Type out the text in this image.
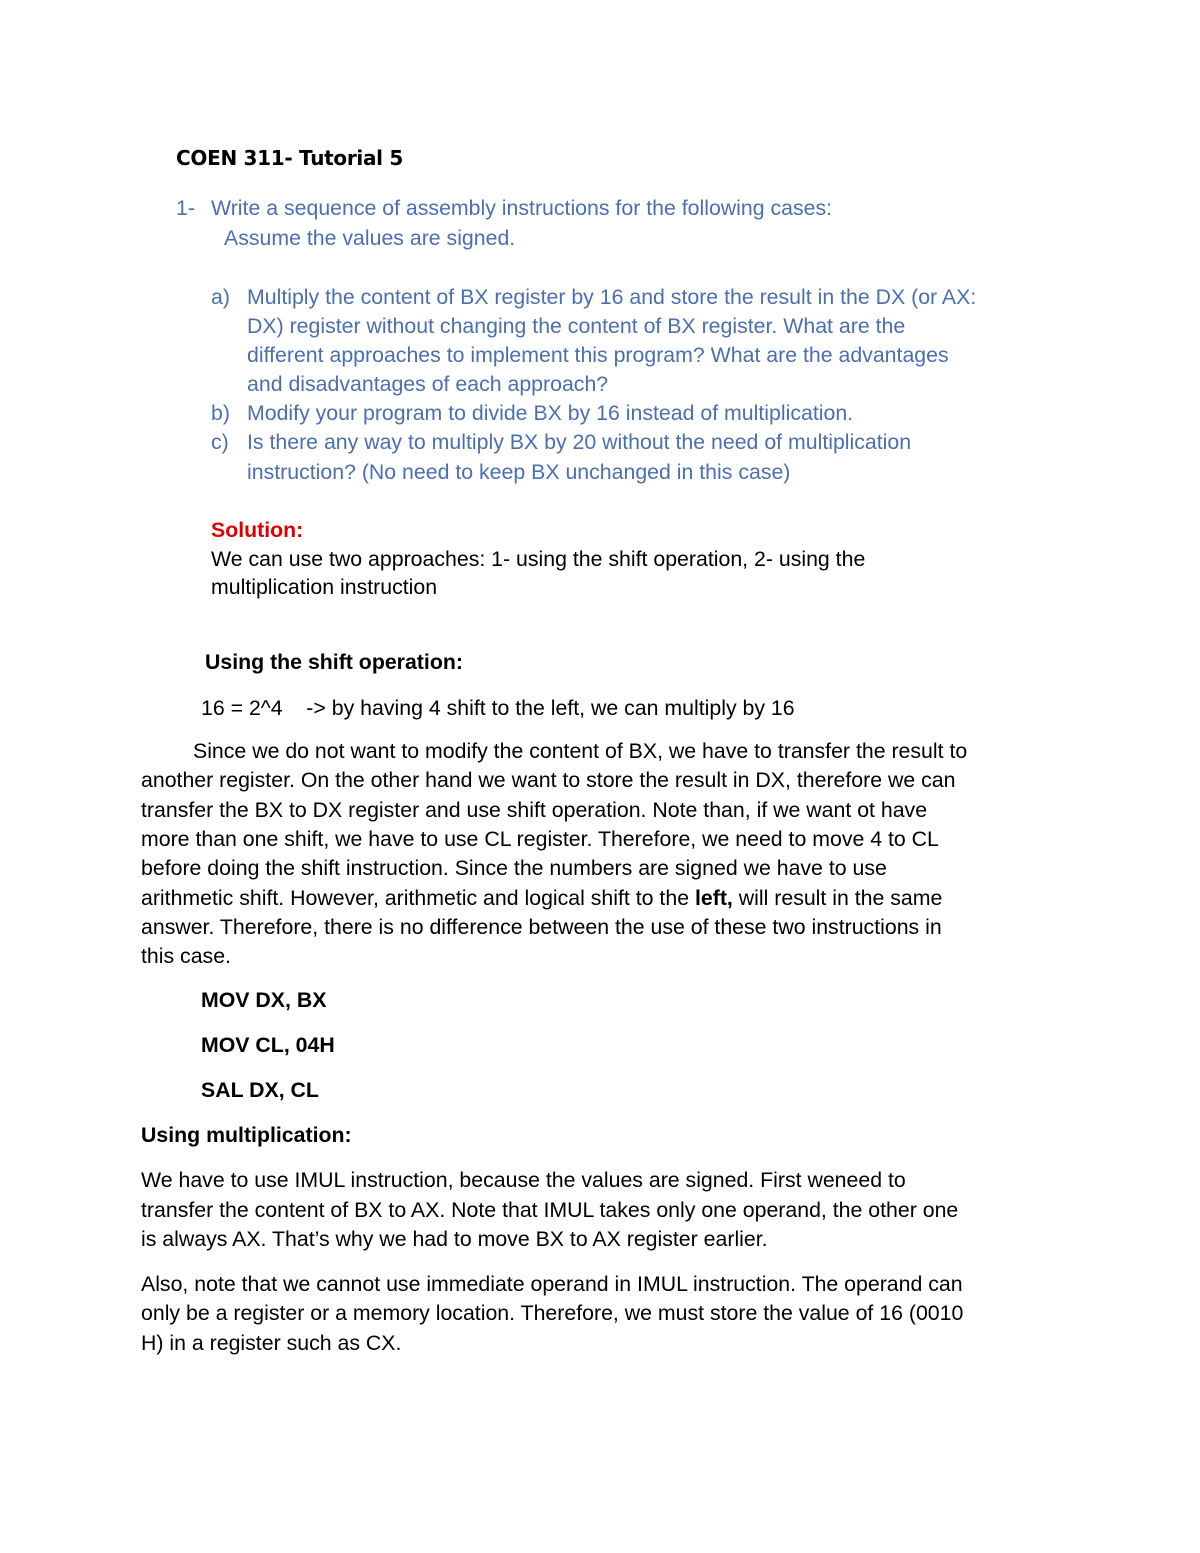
COEN 311- Tutorial 5
1- Write a sequence of assembly instructions for the following cases:
Assume the values are signed.
a) Multiply the content of BX register by 16 and store the result in the DX (or AX:
DX) register without changing the content of BX register. What are the
different approaches to implement this program? What are the advantages
and disadvantages of each approach?
b) Modify your program to divide BX by 16 instead of multiplication.
c) Is there any way to multiply BX by 20 without the need of multiplication
instruction? (No need to keep BX unchanged in this case)
Solution:
We can use two approaches: 1- using the shift operation, 2- using the
multiplication instruction
Using the shift operation:
16 = 2^4    -> by having 4 shift to the left, we can multiply by 16
Since we do not want to modify the content of BX, we have to transfer the result to
another register. On the other hand we want to store the result in DX, therefore we can
transfer the BX to DX register and use shift operation. Note than, if we want ot have
more than one shift, we have to use CL register. Therefore, we need to move 4 to CL
before doing the shift instruction. Since the numbers are signed we have to use
arithmetic shift. However, arithmetic and logical shift to the left, will result in the same
answer. Therefore, there is no difference between the use of these two instructions in
this case.
MOV DX, BX
MOV CL, 04H
SAL DX, CL
Using multiplication:
We have to use IMUL instruction, because the values are signed. First weneed to
transfer the content of BX to AX. Note that IMUL takes only one operand, the other one
is always AX. That’s why we had to move BX to AX register earlier.
Also, note that we cannot use immediate operand in IMUL instruction. The operand can
only be a register or a memory location. Therefore, we must store the value of 16 (0010
H) in a register such as CX.
